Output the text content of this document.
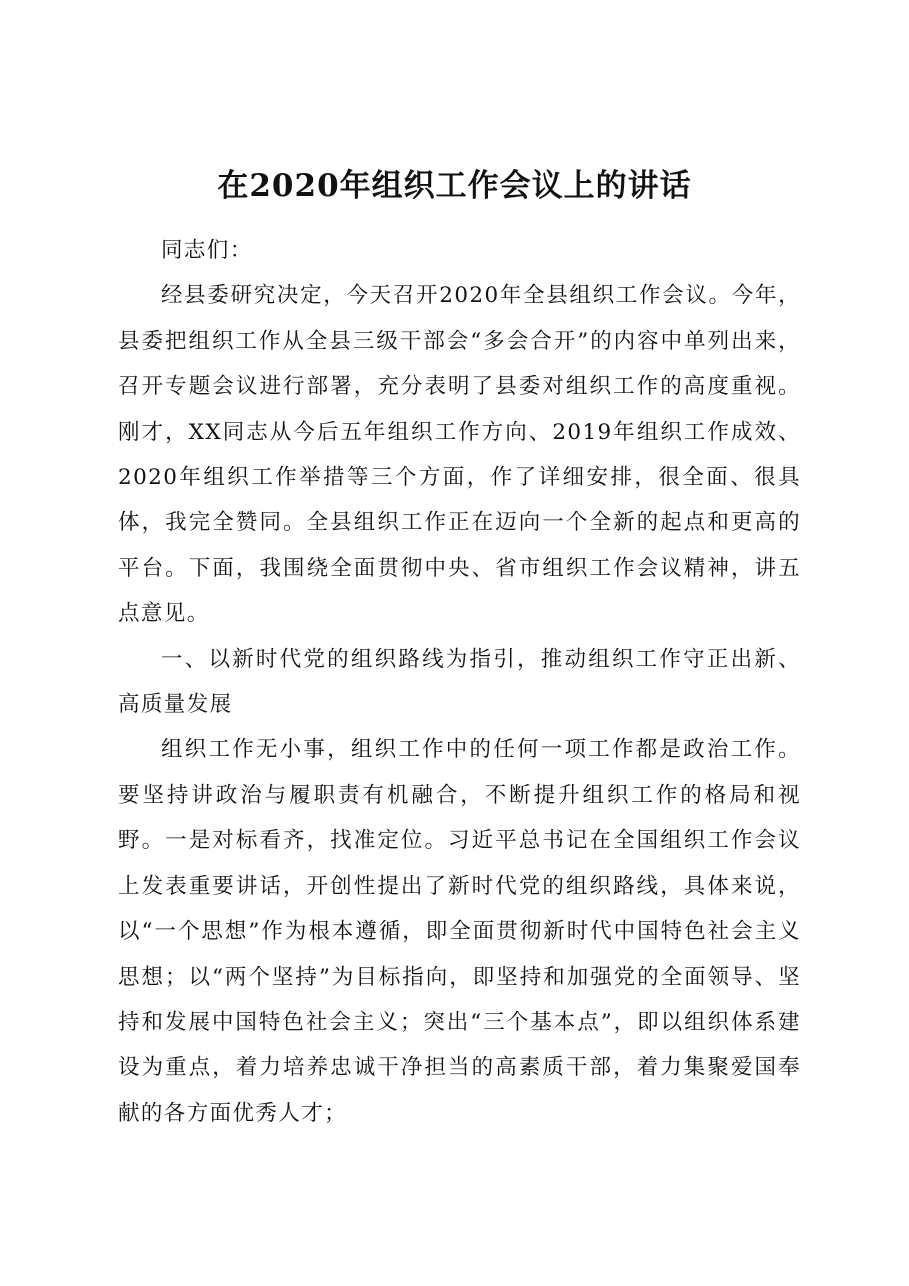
在2020年组织工作会议上的讲话

同志们：

经县委研究决定，今天召开2020年全县组织工作会议。今年，县委把组织工作从全县三级干部会“多会合开”的内容中单列出来，召开专题会议进行部署，充分表明了县委对组织工作的高度重视。刚才，XX同志从今后五年组织工作方向、2019年组织工作成效、2020年组织工作举措等三个方面，作了详细安排，很全面、很具体，我完全赞同。全县组织工作正在迈向一个全新的起点和更高的平台。下面，我围绕全面贯彻中央、省市组织工作会议精神，讲五点意见。

一、以新时代党的组织路线为指引，推动组织工作守正出新、高质量发展

组织工作无小事，组织工作中的任何一项工作都是政治工作。要坚持讲政治与履职责有机融合，不断提升组织工作的格局和视野。一是对标看齐，找准定位。习近平总书记在全国组织工作会议上发表重要讲话，开创性提出了新时代党的组织路线，具体来说，以“一个思想”作为根本遵循，即全面贯彻新时代中国特色社会主义思想；以“两个坚持”为目标指向，即坚持和加强党的全面领导、坚持和发展中国特色社会主义；突出“三个基本点”，即以组织体系建设为重点，着力培养忠诚干净担当的高素质干部，着力集聚爱国奉献的各方面优秀人才；
